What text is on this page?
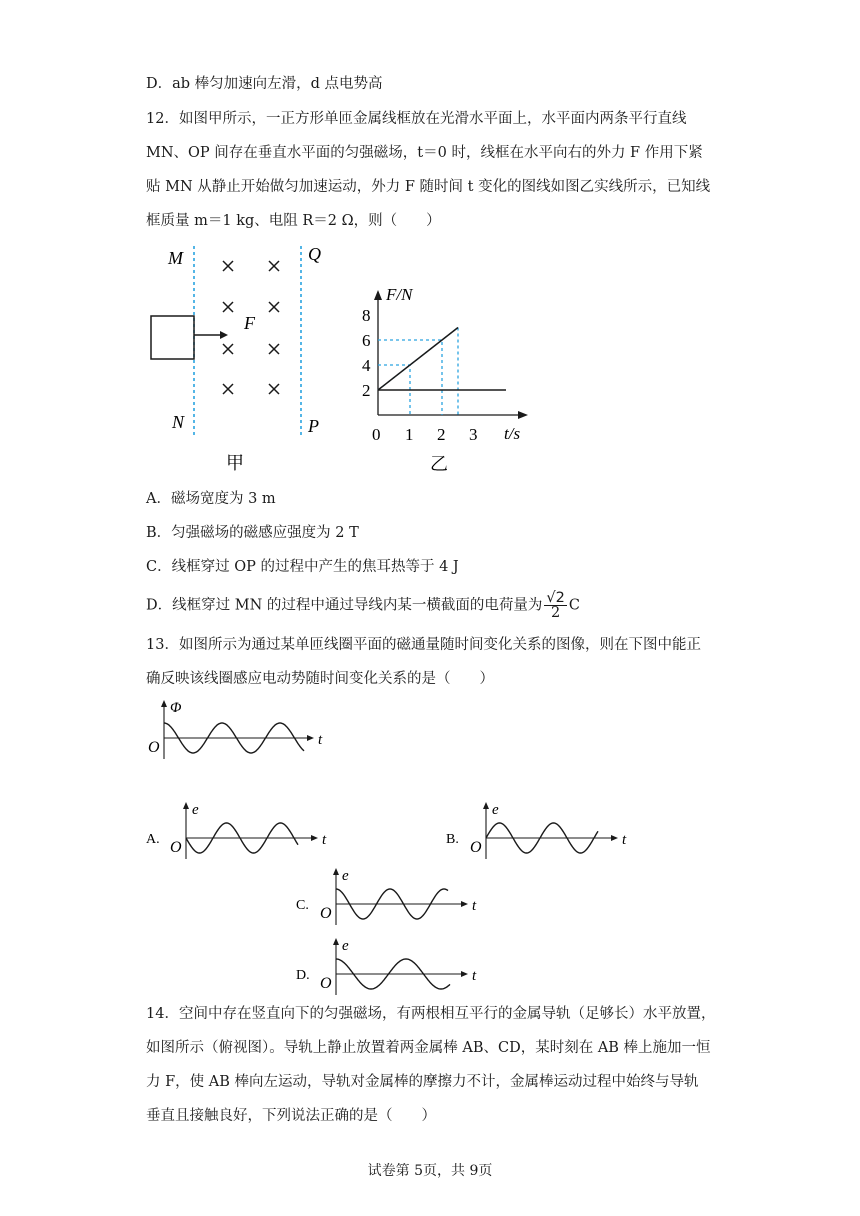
D．ab 棒匀加速向左滑，d 点电势高
12．如图甲所示，一正方形单匝金属线框放在光滑水平面上，水平面内两条平行直线
MN、OP 间存在垂直水平面的匀强磁场，t＝0 时，线框在水平向右的外力 F 作用下紧
贴 MN 从静止开始做匀加速运动，外力 F 随时间 t 变化的图线如图乙实线所示，已知线
框质量 m＝1 kg、电阻 R＝2 Ω，则（　　）
M
N
Q
P
F
甲
F/N
t/s
2
4
6
8
0 1 2 3
乙
A．磁场宽度为 3 m
B．匀强磁场的磁感应强度为 2 T
C．线框穿过 OP 的过程中产生的焦耳热等于 4 J
D．线框穿过 MN 的过程中通过导线内某一横截面的电荷量为 $\frac{√2}{2}$ C
13．如图所示为通过某单匝线圈平面的磁通量随时间变化关系的图像，则在下图中能正
确反映该线圈感应电动势随时间变化关系的是（　　）
Φ
t
O
e
t
O
A.
e
t
O
B.
e
t
O
C.
e
t
O
D.
14．空间中存在竖直向下的匀强磁场，有两根相互平行的金属导轨（足够长）水平放置，
如图所示（俯视图）。导轨上静止放置着两金属棒 AB、CD，某时刻在 AB 棒上施加一恒
力 F，使 AB 棒向左运动，导轨对金属棒的摩擦力不计，金属棒运动过程中始终与导轨
垂直且接触良好，下列说法正确的是（　　）
试卷第 5页，共 9页
